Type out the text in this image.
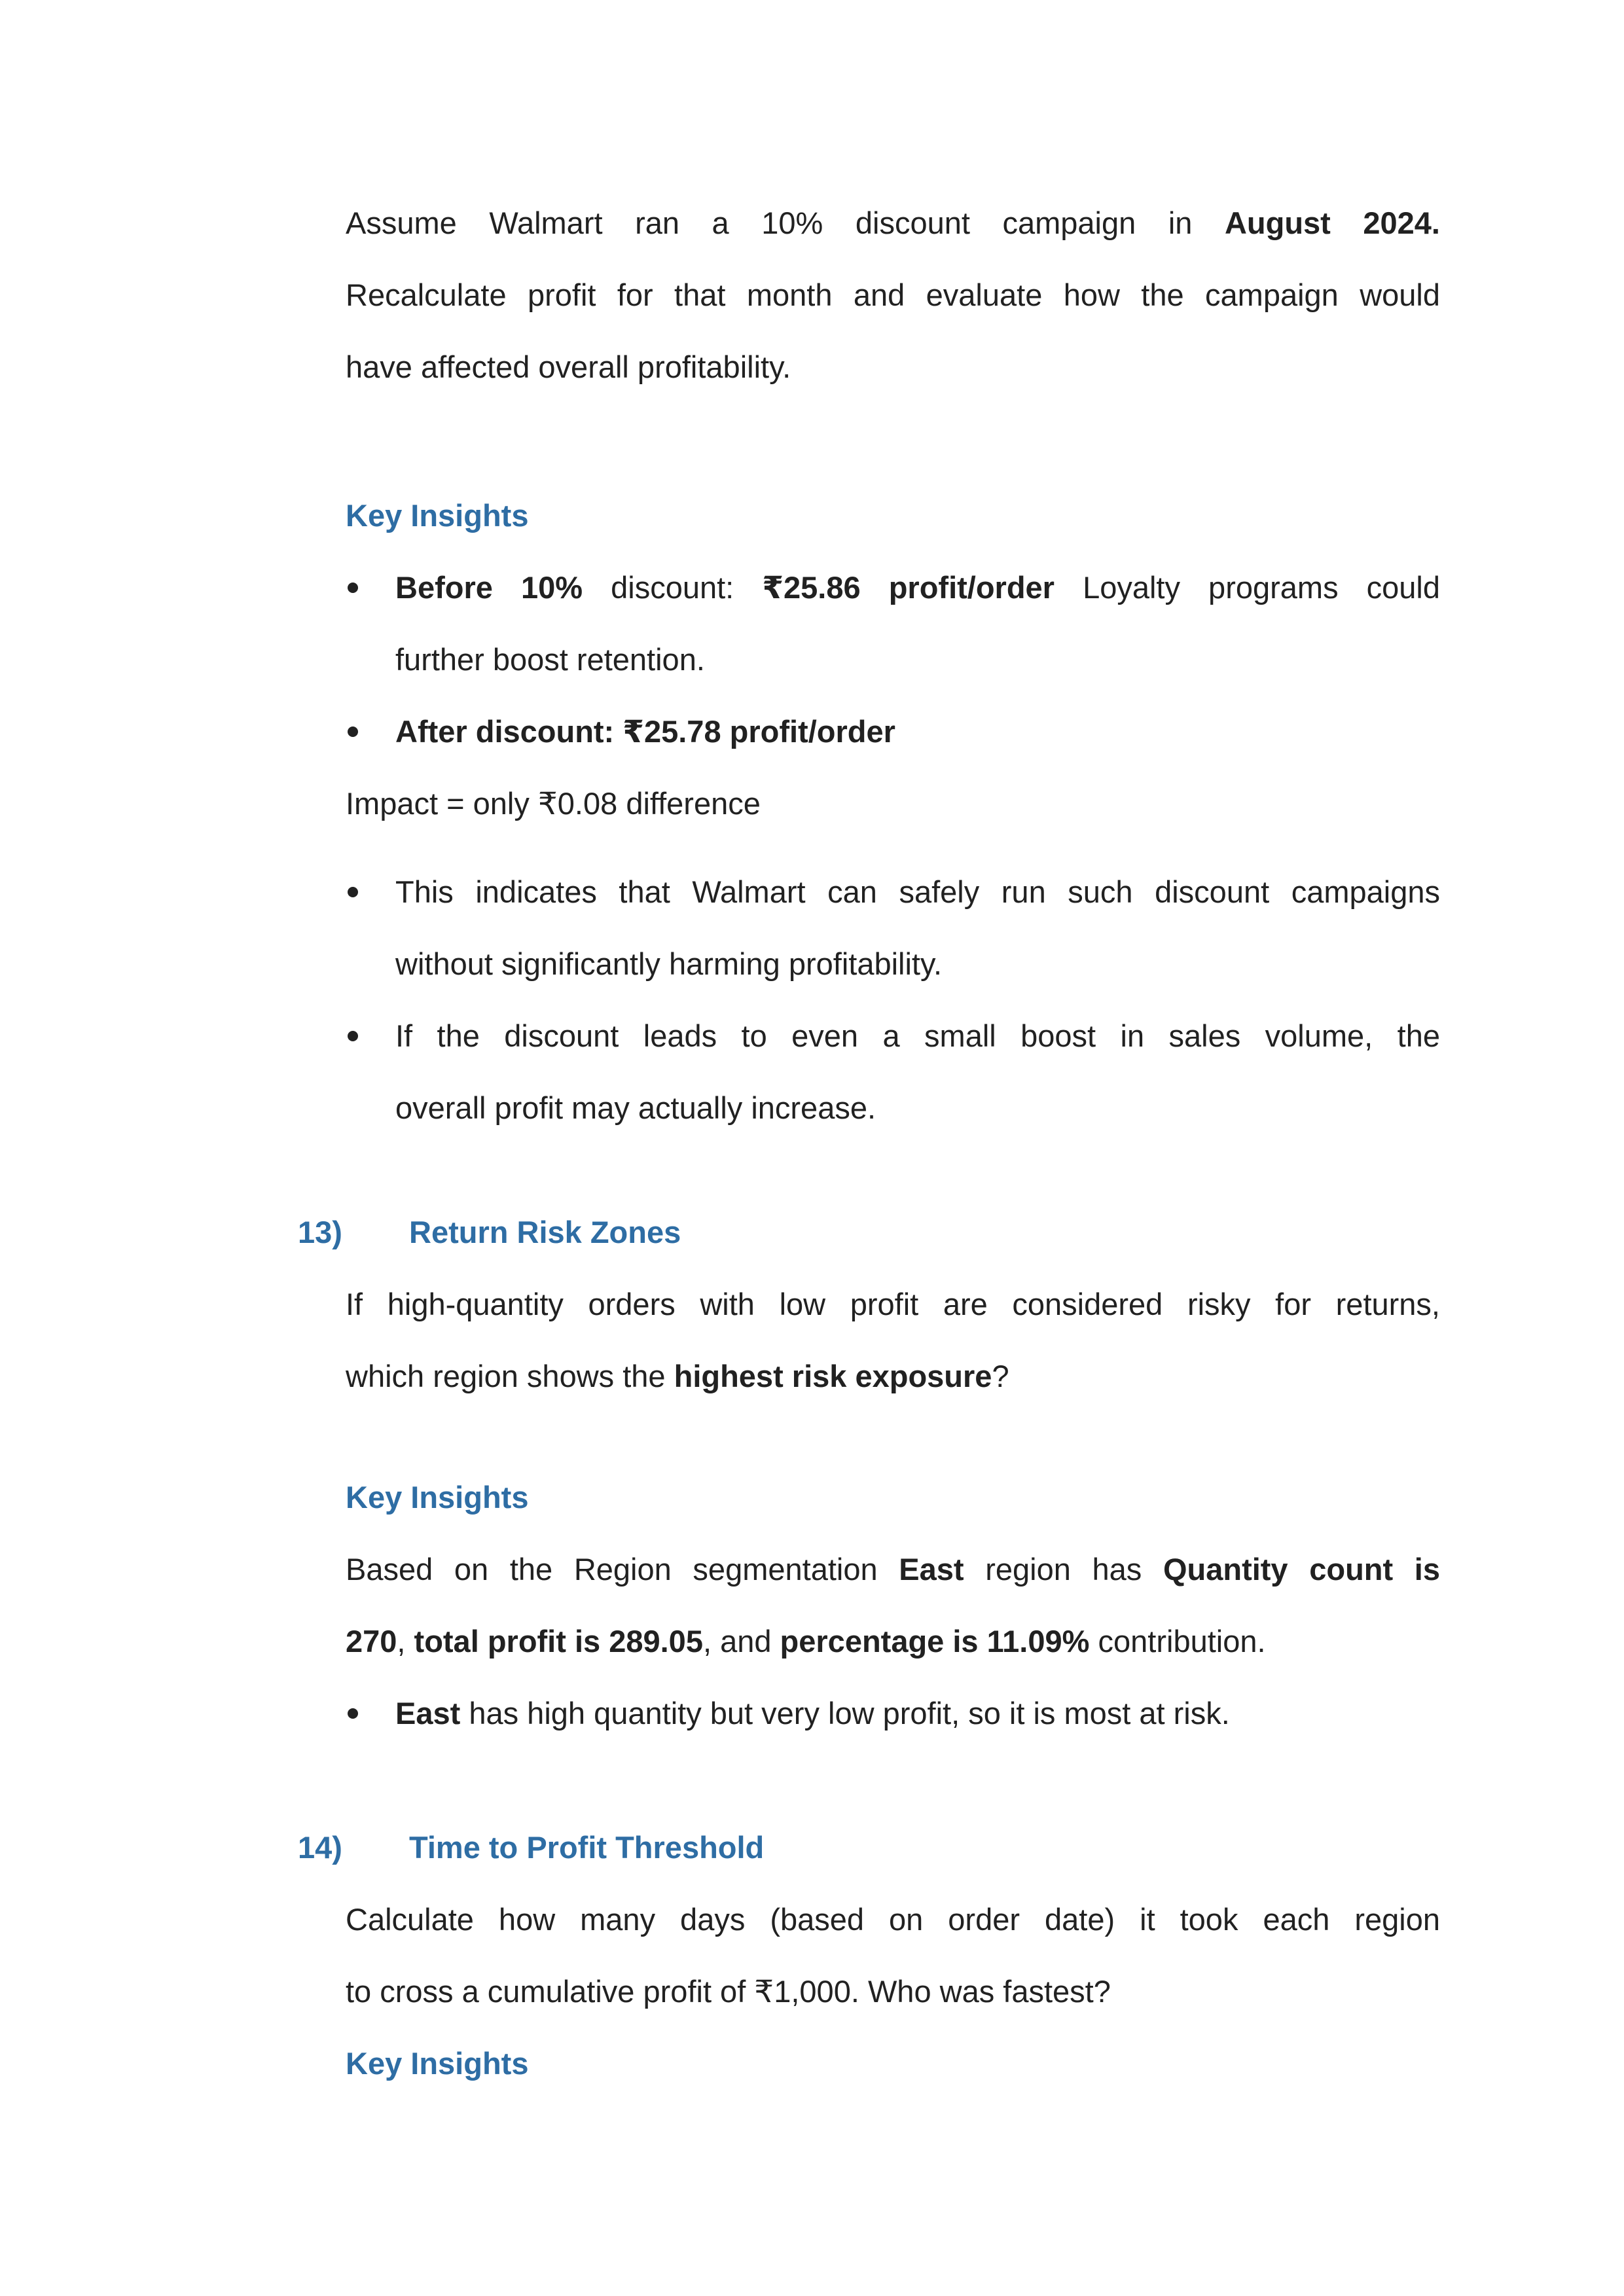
Assume Walmart ran a 10% discount campaign in August 2024.
Recalculate profit for that month and evaluate how the campaign would
have affected overall profitability.
Key Insights
Before 10% discount: ₹25.86 profit/order Loyalty programs could
further boost retention.
After discount: ₹25.78 profit/order
Impact = only ₹0.08 difference
This indicates that Walmart can safely run such discount campaigns
without significantly harming profitability.
If the discount leads to even a small boost in sales volume, the
overall profit may actually increase.
13) Return Risk Zones
If high-quantity orders with low profit are considered risky for returns,
which region shows the highest risk exposure?
Key Insights
Based on the Region segmentation East region has Quantity count is
270, total profit is 289.05, and percentage is 11.09% contribution.
East has high quantity but very low profit, so it is most at risk.
14) Time to Profit Threshold
Calculate how many days (based on order date) it took each region
to cross a cumulative profit of ₹1,000. Who was fastest?
Key Insights
